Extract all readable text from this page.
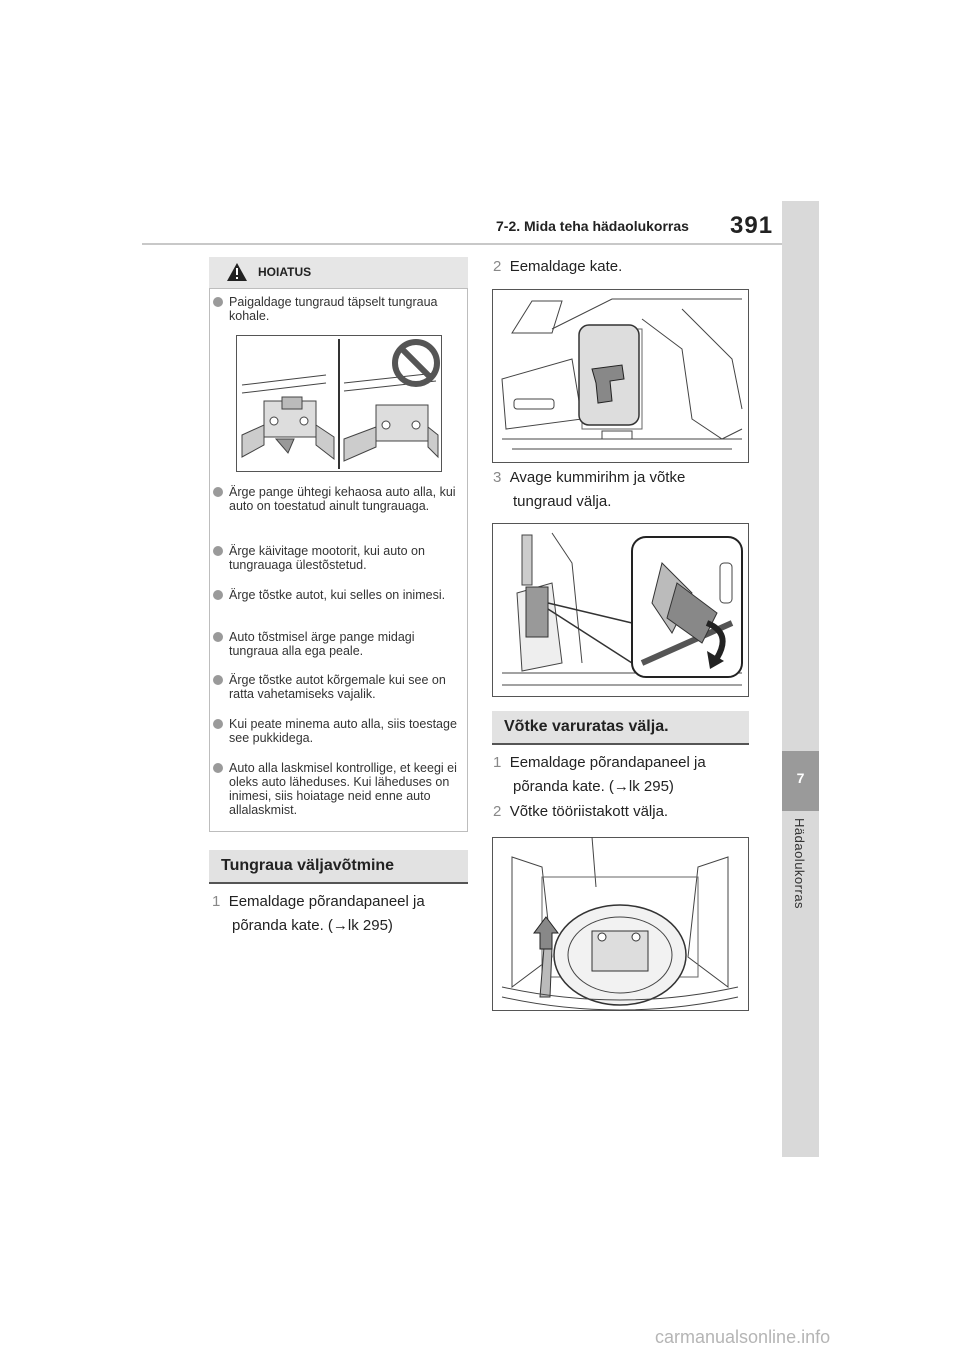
7-2. Mida teha hädaolukorras 391
7
Hädaolukorras
HOIATUS
Paigaldage tungraud täpselt tungraua kohale.
Ärge pange ühtegi kehaosa auto alla, kui auto on toestatud ainult tungrauaga.
Ärge käivitage mootorit, kui auto on tungrauaga ülestõstetud.
Ärge tõstke autot, kui selles on inimesi.
Auto tõstmisel ärge pange midagi tungraua alla ega peale.
Ärge tõstke autot kõrgemale kui see on ratta vahetamiseks vajalik.
Kui peate minema auto alla, siis toestage see pukkidega.
Auto alla laskmisel kontrollige, et keegi ei oleks auto läheduses. Kui läheduses on inimesi, siis hoiatage neid enne auto allalaskmist.
Tungraua väljavõtmine
1 Eemaldage põrandapaneel ja
põranda kate. (→lk 295)
2 Eemaldage kate.
3 Avage kummirihm ja võtke
tungraud välja.
Võtke varuratas välja.
1 Eemaldage põrandapaneel ja
põranda kate. (→lk 295)
2 Võtke tööriistakott välja.
carmanualsonline.info
